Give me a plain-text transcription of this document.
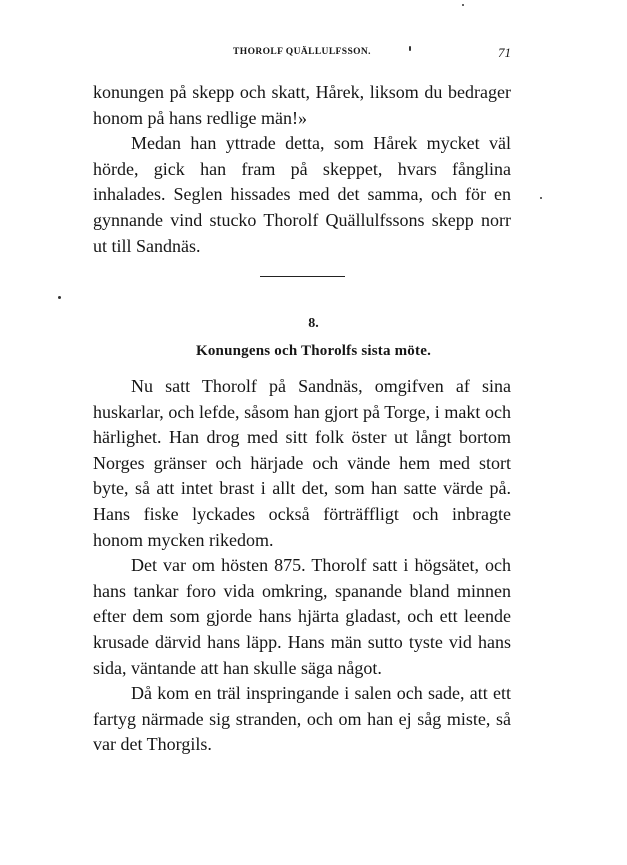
THOROLF QUÄLLULFSSON.	71

konungen på skepp och skatt, Hårek, liksom du bedrager honom på hans redlige män!»

Medan han yttrade detta, som Hårek mycket väl hörde, gick han fram på skeppet, hvars fånglina inhalades. Seglen hissades med det samma, och för en gynnande vind stucko Thorolf Quällulfssons skepp norr ut till Sandnäs.

8.
Konungens och Thorolfs sista möte.

Nu satt Thorolf på Sandnäs, omgifven af sina huskarlar, och lefde, såsom han gjort på Torge, i makt och härlighet. Han drog med sitt folk öster ut långt bortom Norges gränser och härjade och vände hem med stort byte, så att intet brast i allt det, som han satte värde på. Hans fiske lyckades också förträffligt och inbragte honom mycken rikedom.

Det var om hösten 875. Thorolf satt i högsätet, och hans tankar foro vida omkring, spanande bland minnen efter dem som gjorde hans hjärta gladast, och ett leende krusade därvid hans läpp. Hans män sutto tyste vid hans sida, väntande att han skulle säga något.

Då kom en träl inspringande i salen och sade, att ett fartyg närmade sig stranden, och om han ej såg miste, så var det Thorgils.
